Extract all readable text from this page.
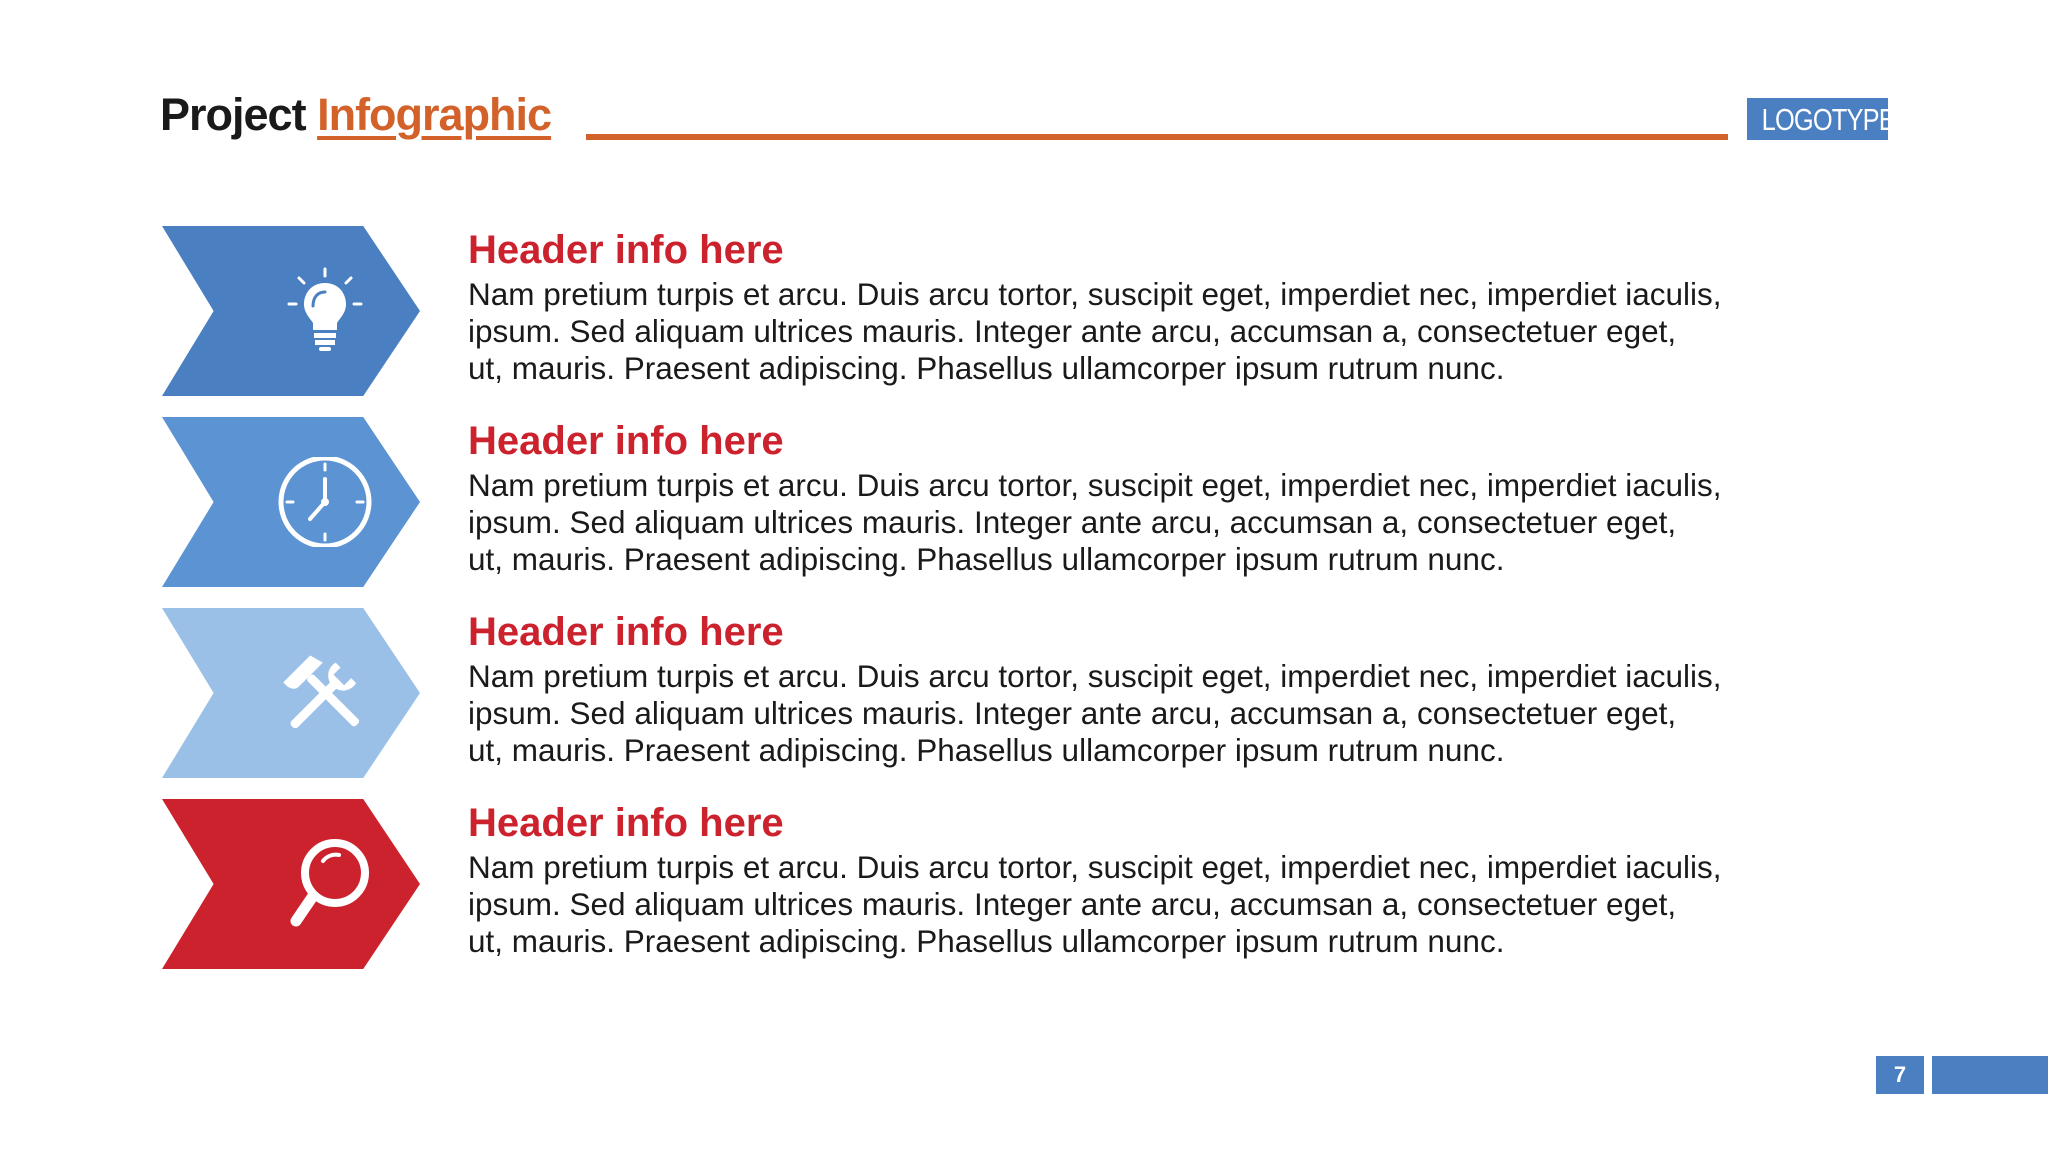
Project Infographic	LOGOTYPE
Header info here
Nam pretium turpis et arcu. Duis arcu tortor, suscipit eget, imperdiet nec, imperdiet iaculis,
ipsum. Sed aliquam ultrices mauris. Integer ante arcu, accumsan a, consectetuer eget,
ut, mauris. Praesent adipiscing. Phasellus ullamcorper ipsum rutrum nunc.
Header info here
Nam pretium turpis et arcu. Duis arcu tortor, suscipit eget, imperdiet nec, imperdiet iaculis,
ipsum. Sed aliquam ultrices mauris. Integer ante arcu, accumsan a, consectetuer eget,
ut, mauris. Praesent adipiscing. Phasellus ullamcorper ipsum rutrum nunc.
Header info here
Nam pretium turpis et arcu. Duis arcu tortor, suscipit eget, imperdiet nec, imperdiet iaculis,
ipsum. Sed aliquam ultrices mauris. Integer ante arcu, accumsan a, consectetuer eget,
ut, mauris. Praesent adipiscing. Phasellus ullamcorper ipsum rutrum nunc.
Header info here
Nam pretium turpis et arcu. Duis arcu tortor, suscipit eget, imperdiet nec, imperdiet iaculis,
ipsum. Sed aliquam ultrices mauris. Integer ante arcu, accumsan a, consectetuer eget,
ut, mauris. Praesent adipiscing. Phasellus ullamcorper ipsum rutrum nunc.
7
